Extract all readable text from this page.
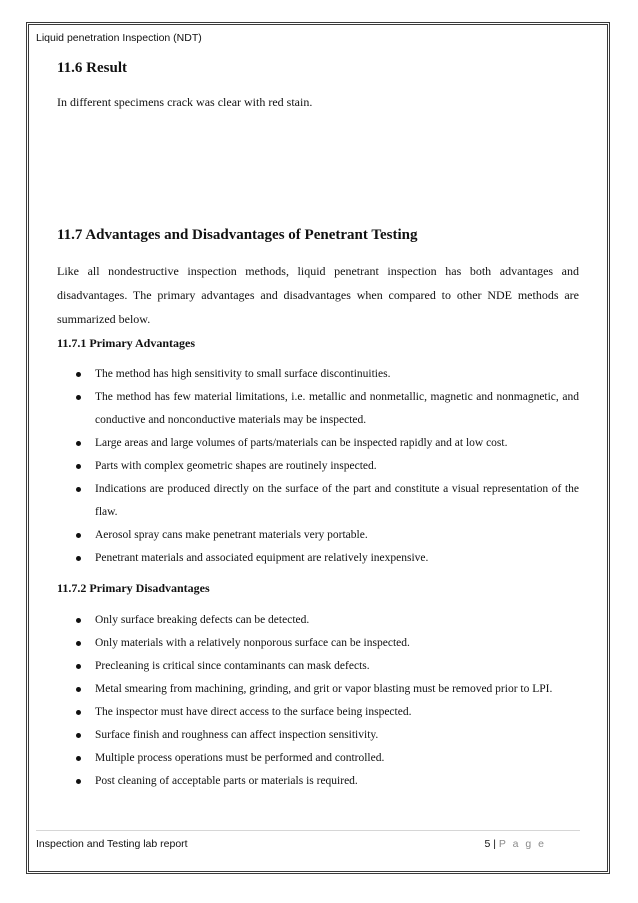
Liquid penetration Inspection (NDT)
11.6 Result
In different specimens crack was clear with red stain.
11.7 Advantages and Disadvantages of Penetrant Testing
Like all nondestructive inspection methods, liquid penetrant inspection has both advantages and disadvantages. The primary advantages and disadvantages when compared to other NDE methods are summarized below.
11.7.1 Primary Advantages
The method has high sensitivity to small surface discontinuities.
The method has few material limitations, i.e. metallic and nonmetallic, magnetic and nonmagnetic, and conductive and nonconductive materials may be inspected.
Large areas and large volumes of parts/materials can be inspected rapidly and at low cost.
Parts with complex geometric shapes are routinely inspected.
Indications are produced directly on the surface of the part and constitute a visual representation of the flaw.
Aerosol spray cans make penetrant materials very portable.
Penetrant materials and associated equipment are relatively inexpensive.
11.7.2 Primary Disadvantages
Only surface breaking defects can be detected.
Only materials with a relatively nonporous surface can be inspected.
Precleaning is critical since contaminants can mask defects.
Metal smearing from machining, grinding, and grit or vapor blasting must be removed prior to LPI.
The inspector must have direct access to the surface being inspected.
Surface finish and roughness can affect inspection sensitivity.
Multiple process operations must be performed and controlled.
Post cleaning of acceptable parts or materials is required.
Inspection and Testing lab report	5 | P a g e
